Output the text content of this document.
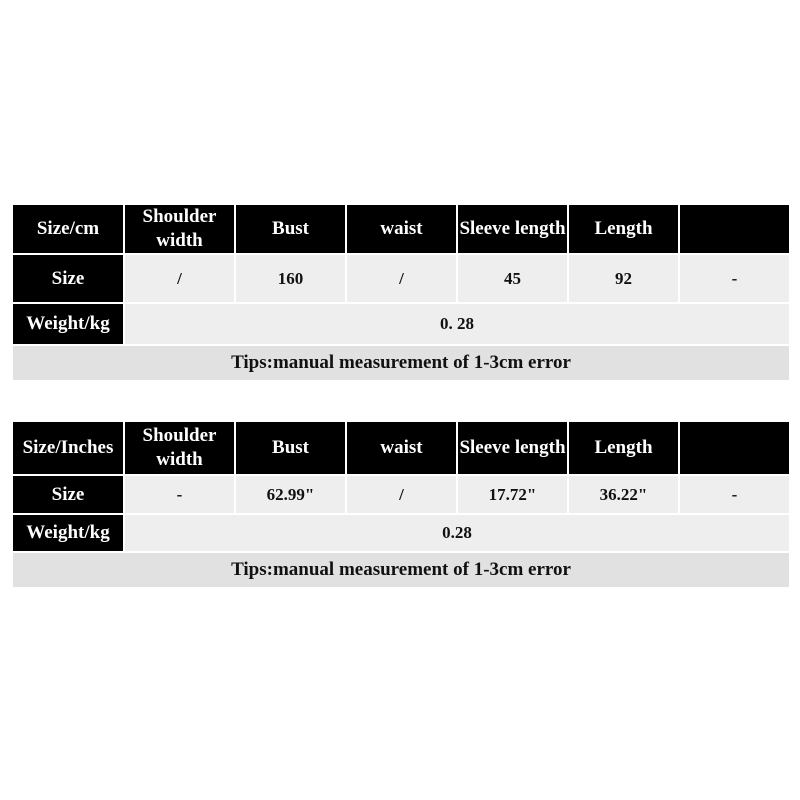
Size/cm	Shoulder width	Bust	waist	Sleeve length	Length	
Size	/	160	/	45	92	-
Weight/kg	0. 28					
Tips:manual measurement of 1-3cm error						
Size/Inches	Shoulder width	Bust	waist	Sleeve length	Length	
Size	-	62.99"	/	17.72"	36.22"	-
Weight/kg	0.28					
Tips:manual measurement of 1-3cm error						
